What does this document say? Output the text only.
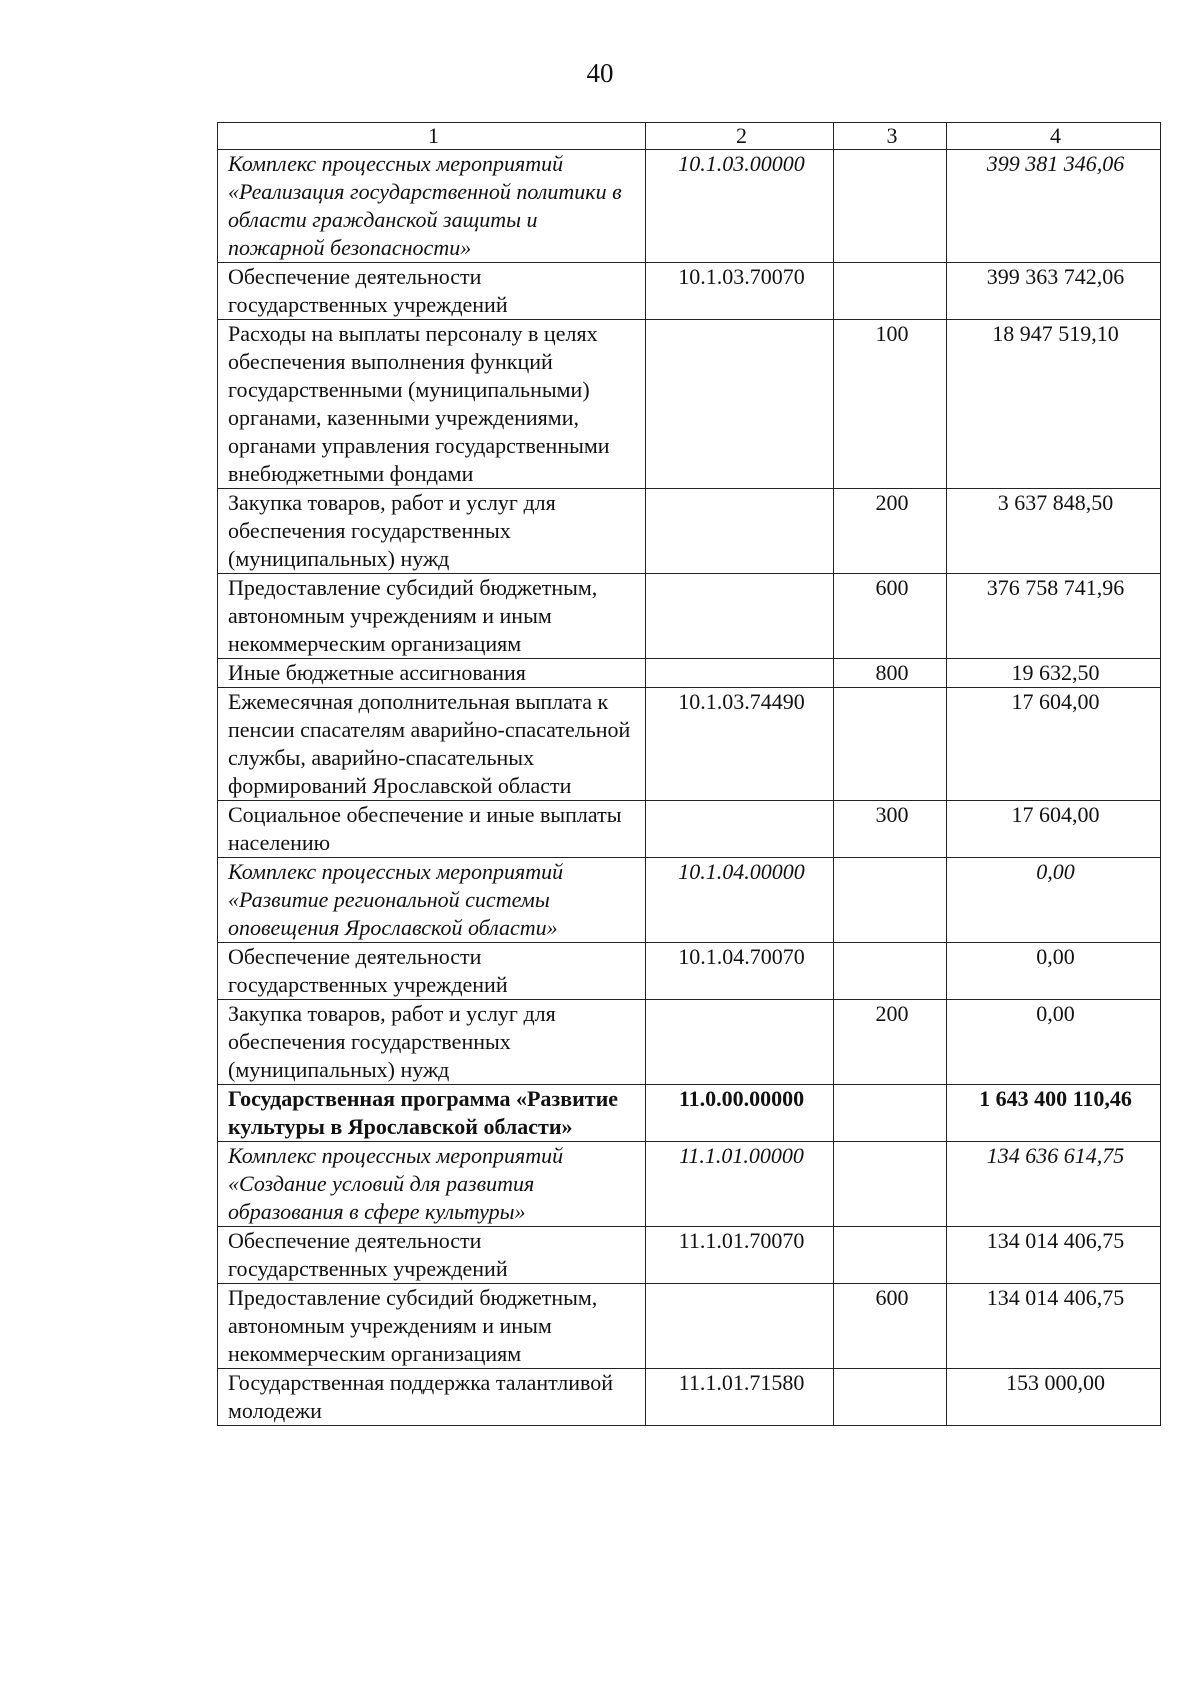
40
1	2	3	4
Комплекс процессных мероприятий «Реализация государственной политики в области гражданской защиты и пожарной безопасности»	10.1.03.00000		399 381 346,06
Обеспечение деятельности государственных учреждений	10.1.03.70070		399 363 742,06
Расходы на выплаты персоналу в целях обеспечения выполнения функций государственными (муниципальными) органами, казенными учреждениями, органами управления государственными внебюджетными фондами		100	18 947 519,10
Закупка товаров, работ и услуг для обеспечения государственных (муниципальных) нужд		200	3 637 848,50
Предоставление субсидий бюджетным, автономным учреждениям и иным некоммерческим организациям		600	376 758 741,96
Иные бюджетные ассигнования		800	19 632,50
Ежемесячная дополнительная выплата к пенсии спасателям аварийно-спасательной службы, аварийно-спасательных формирований Ярославской области	10.1.03.74490		17 604,00
Социальное обеспечение и иные выплаты населению		300	17 604,00
Комплекс процессных мероприятий «Развитие региональной системы оповещения Ярославской области»	10.1.04.00000		0,00
Обеспечение деятельности государственных учреждений	10.1.04.70070		0,00
Закупка товаров, работ и услуг для обеспечения государственных (муниципальных) нужд		200	0,00
Государственная программа «Развитие культуры в Ярославской области»	11.0.00.00000		1 643 400 110,46
Комплекс процессных мероприятий «Создание условий для развития образования в сфере культуры»	11.1.01.00000		134 636 614,75
Обеспечение деятельности государственных учреждений	11.1.01.70070		134 014 406,75
Предоставление субсидий бюджетным, автономным учреждениям и иным некоммерческим организациям		600	134 014 406,75
Государственная поддержка талантливой молодежи	11.1.01.71580		153 000,00
